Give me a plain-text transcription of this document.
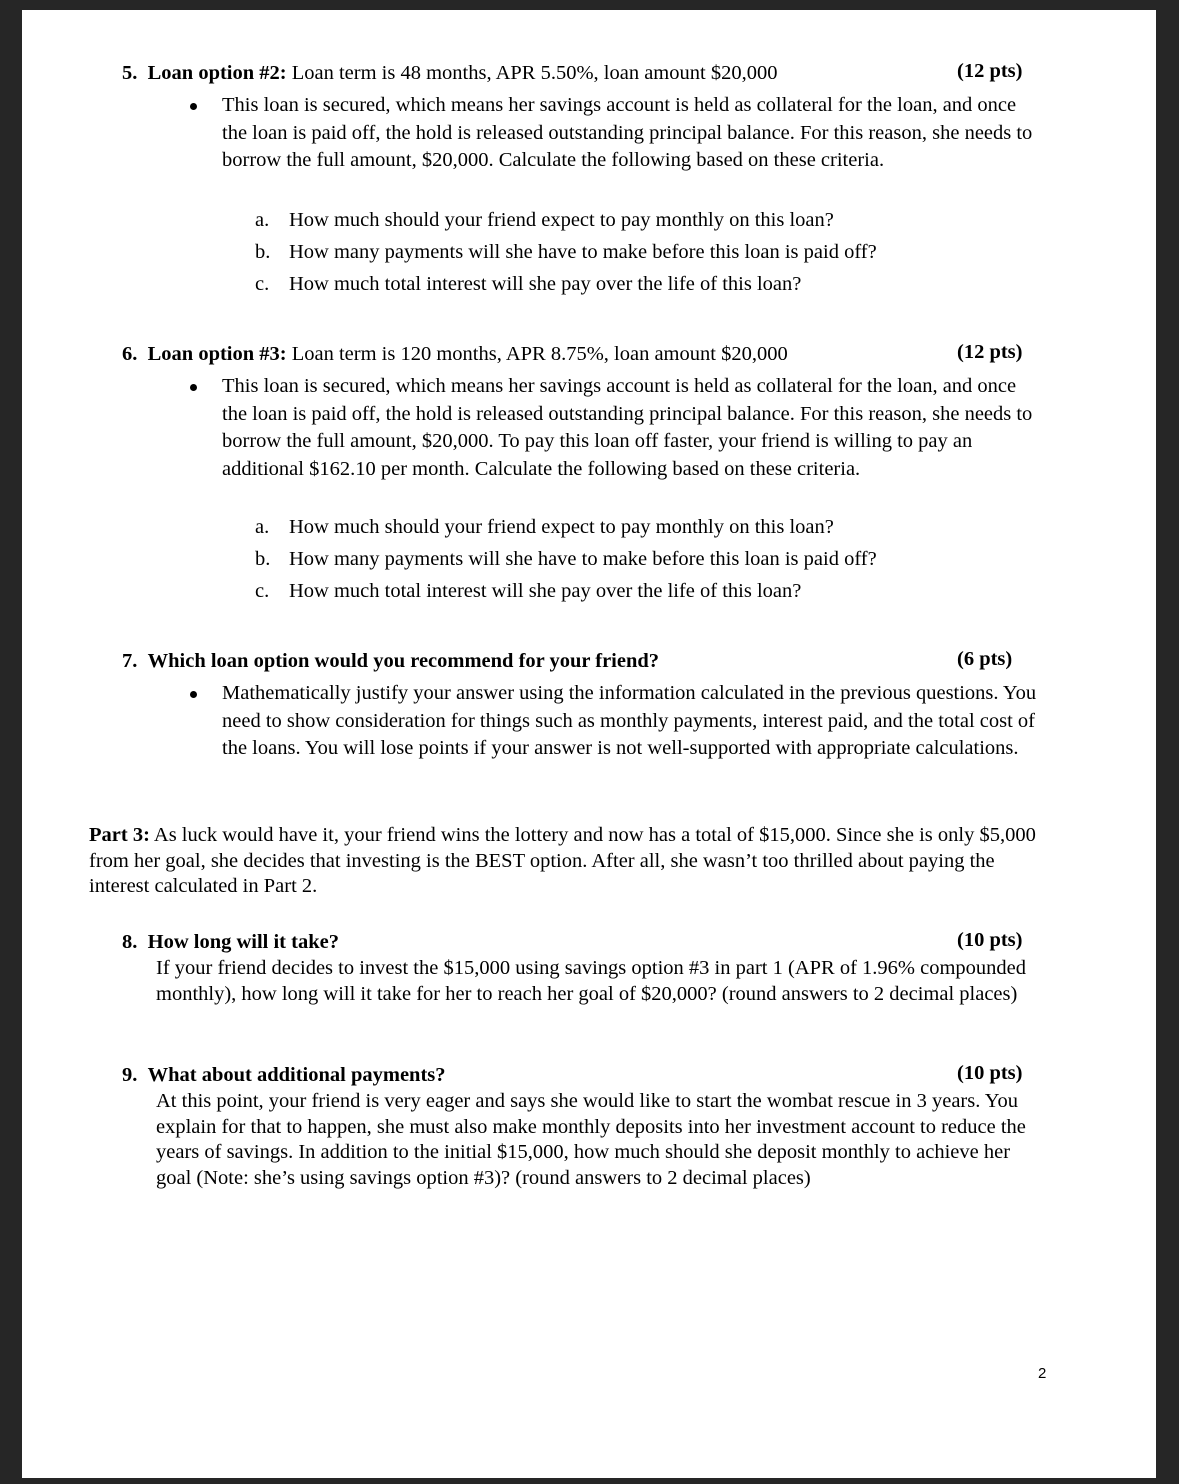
5. Loan option #2: Loan term is 48 months, APR 5.50%, loan amount $20,000	(12 pts)
This loan is secured, which means her savings account is held as collateral for the loan, and once the loan is paid off, the hold is released outstanding principal balance. For this reason, she needs to borrow the full amount, $20,000. Calculate the following based on these criteria.
a. How much should your friend expect to pay monthly on this loan?
b. How many payments will she have to make before this loan is paid off?
c. How much total interest will she pay over the life of this loan?
6. Loan option #3: Loan term is 120 months, APR 8.75%, loan amount $20,000	(12 pts)
This loan is secured, which means her savings account is held as collateral for the loan, and once the loan is paid off, the hold is released outstanding principal balance. For this reason, she needs to borrow the full amount, $20,000. To pay this loan off faster, your friend is willing to pay an additional $162.10 per month. Calculate the following based on these criteria.
a. How much should your friend expect to pay monthly on this loan?
b. How many payments will she have to make before this loan is paid off?
c. How much total interest will she pay over the life of this loan?
7. Which loan option would you recommend for your friend?	(6 pts)
Mathematically justify your answer using the information calculated in the previous questions. You need to show consideration for things such as monthly payments, interest paid, and the total cost of the loans. You will lose points if your answer is not well-supported with appropriate calculations.
Part 3: As luck would have it, your friend wins the lottery and now has a total of $15,000. Since she is only $5,000 from her goal, she decides that investing is the BEST option. After all, she wasn’t too thrilled about paying the interest calculated in Part 2.
8. How long will it take?	(10 pts)
If your friend decides to invest the $15,000 using savings option #3 in part 1 (APR of 1.96% compounded monthly), how long will it take for her to reach her goal of $20,000? (round answers to 2 decimal places)
9. What about additional payments?	(10 pts)
At this point, your friend is very eager and says she would like to start the wombat rescue in 3 years. You explain for that to happen, she must also make monthly deposits into her investment account to reduce the years of savings. In addition to the initial $15,000, how much should she deposit monthly to achieve her goal (Note: she’s using savings option #3)? (round answers to 2 decimal places)
2
